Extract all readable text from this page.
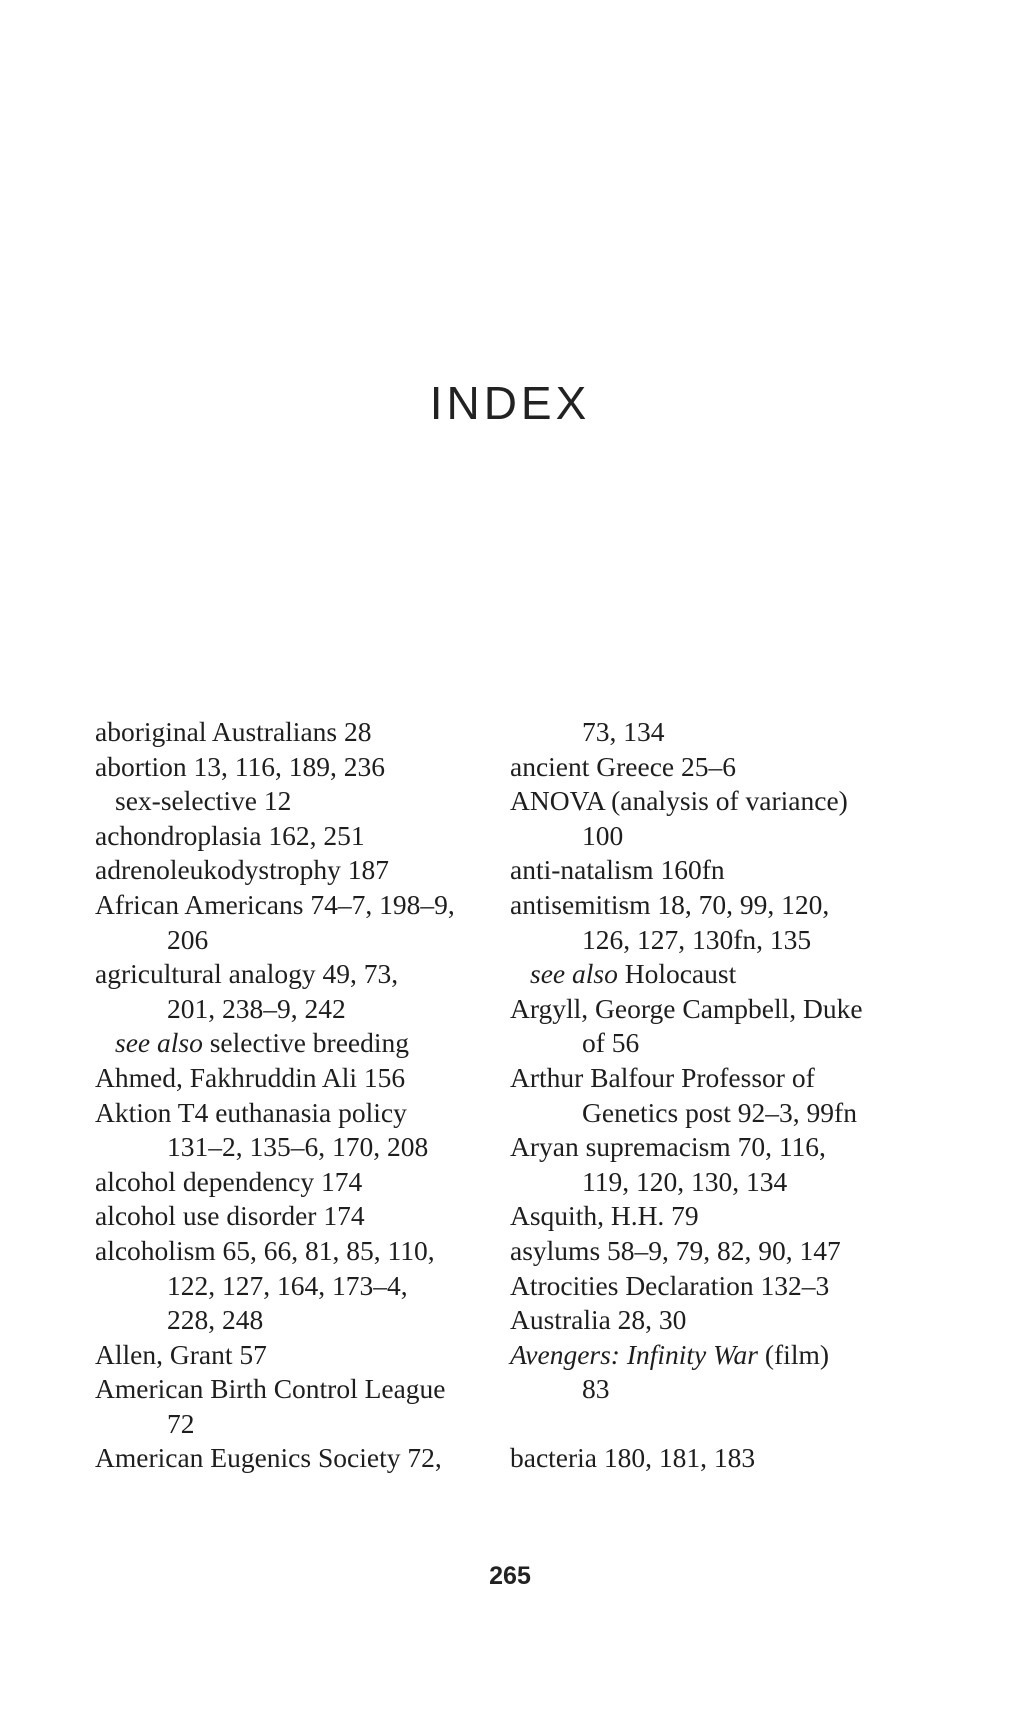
INDEX
aboriginal Australians 28
abortion 13, 116, 189, 236
sex-selective 12
achondroplasia 162, 251
adrenoleukodystrophy 187
African Americans 74–7, 198–9,
206
agricultural analogy 49, 73,
201, 238–9, 242
see also selective breeding
Ahmed, Fakhruddin Ali 156
Aktion T4 euthanasia policy
131–2, 135–6, 170, 208
alcohol dependency 174
alcohol use disorder 174
alcoholism 65, 66, 81, 85, 110,
122, 127, 164, 173–4,
228, 248
Allen, Grant 57
American Birth Control League
72
American Eugenics Society 72,
73, 134
ancient Greece 25–6
ANOVA (analysis of variance)
100
anti-natalism 160fn
antisemitism 18, 70, 99, 120,
126, 127, 130fn, 135
see also Holocaust
Argyll, George Campbell, Duke
of 56
Arthur Balfour Professor of
Genetics post 92–3, 99fn
Aryan supremacism 70, 116,
119, 120, 130, 134
Asquith, H.H. 79
asylums 58–9, 79, 82, 90, 147
Atrocities Declaration 132–3
Australia 28, 30
Avengers: Infinity War (film)
83
bacteria 180, 181, 183
265
